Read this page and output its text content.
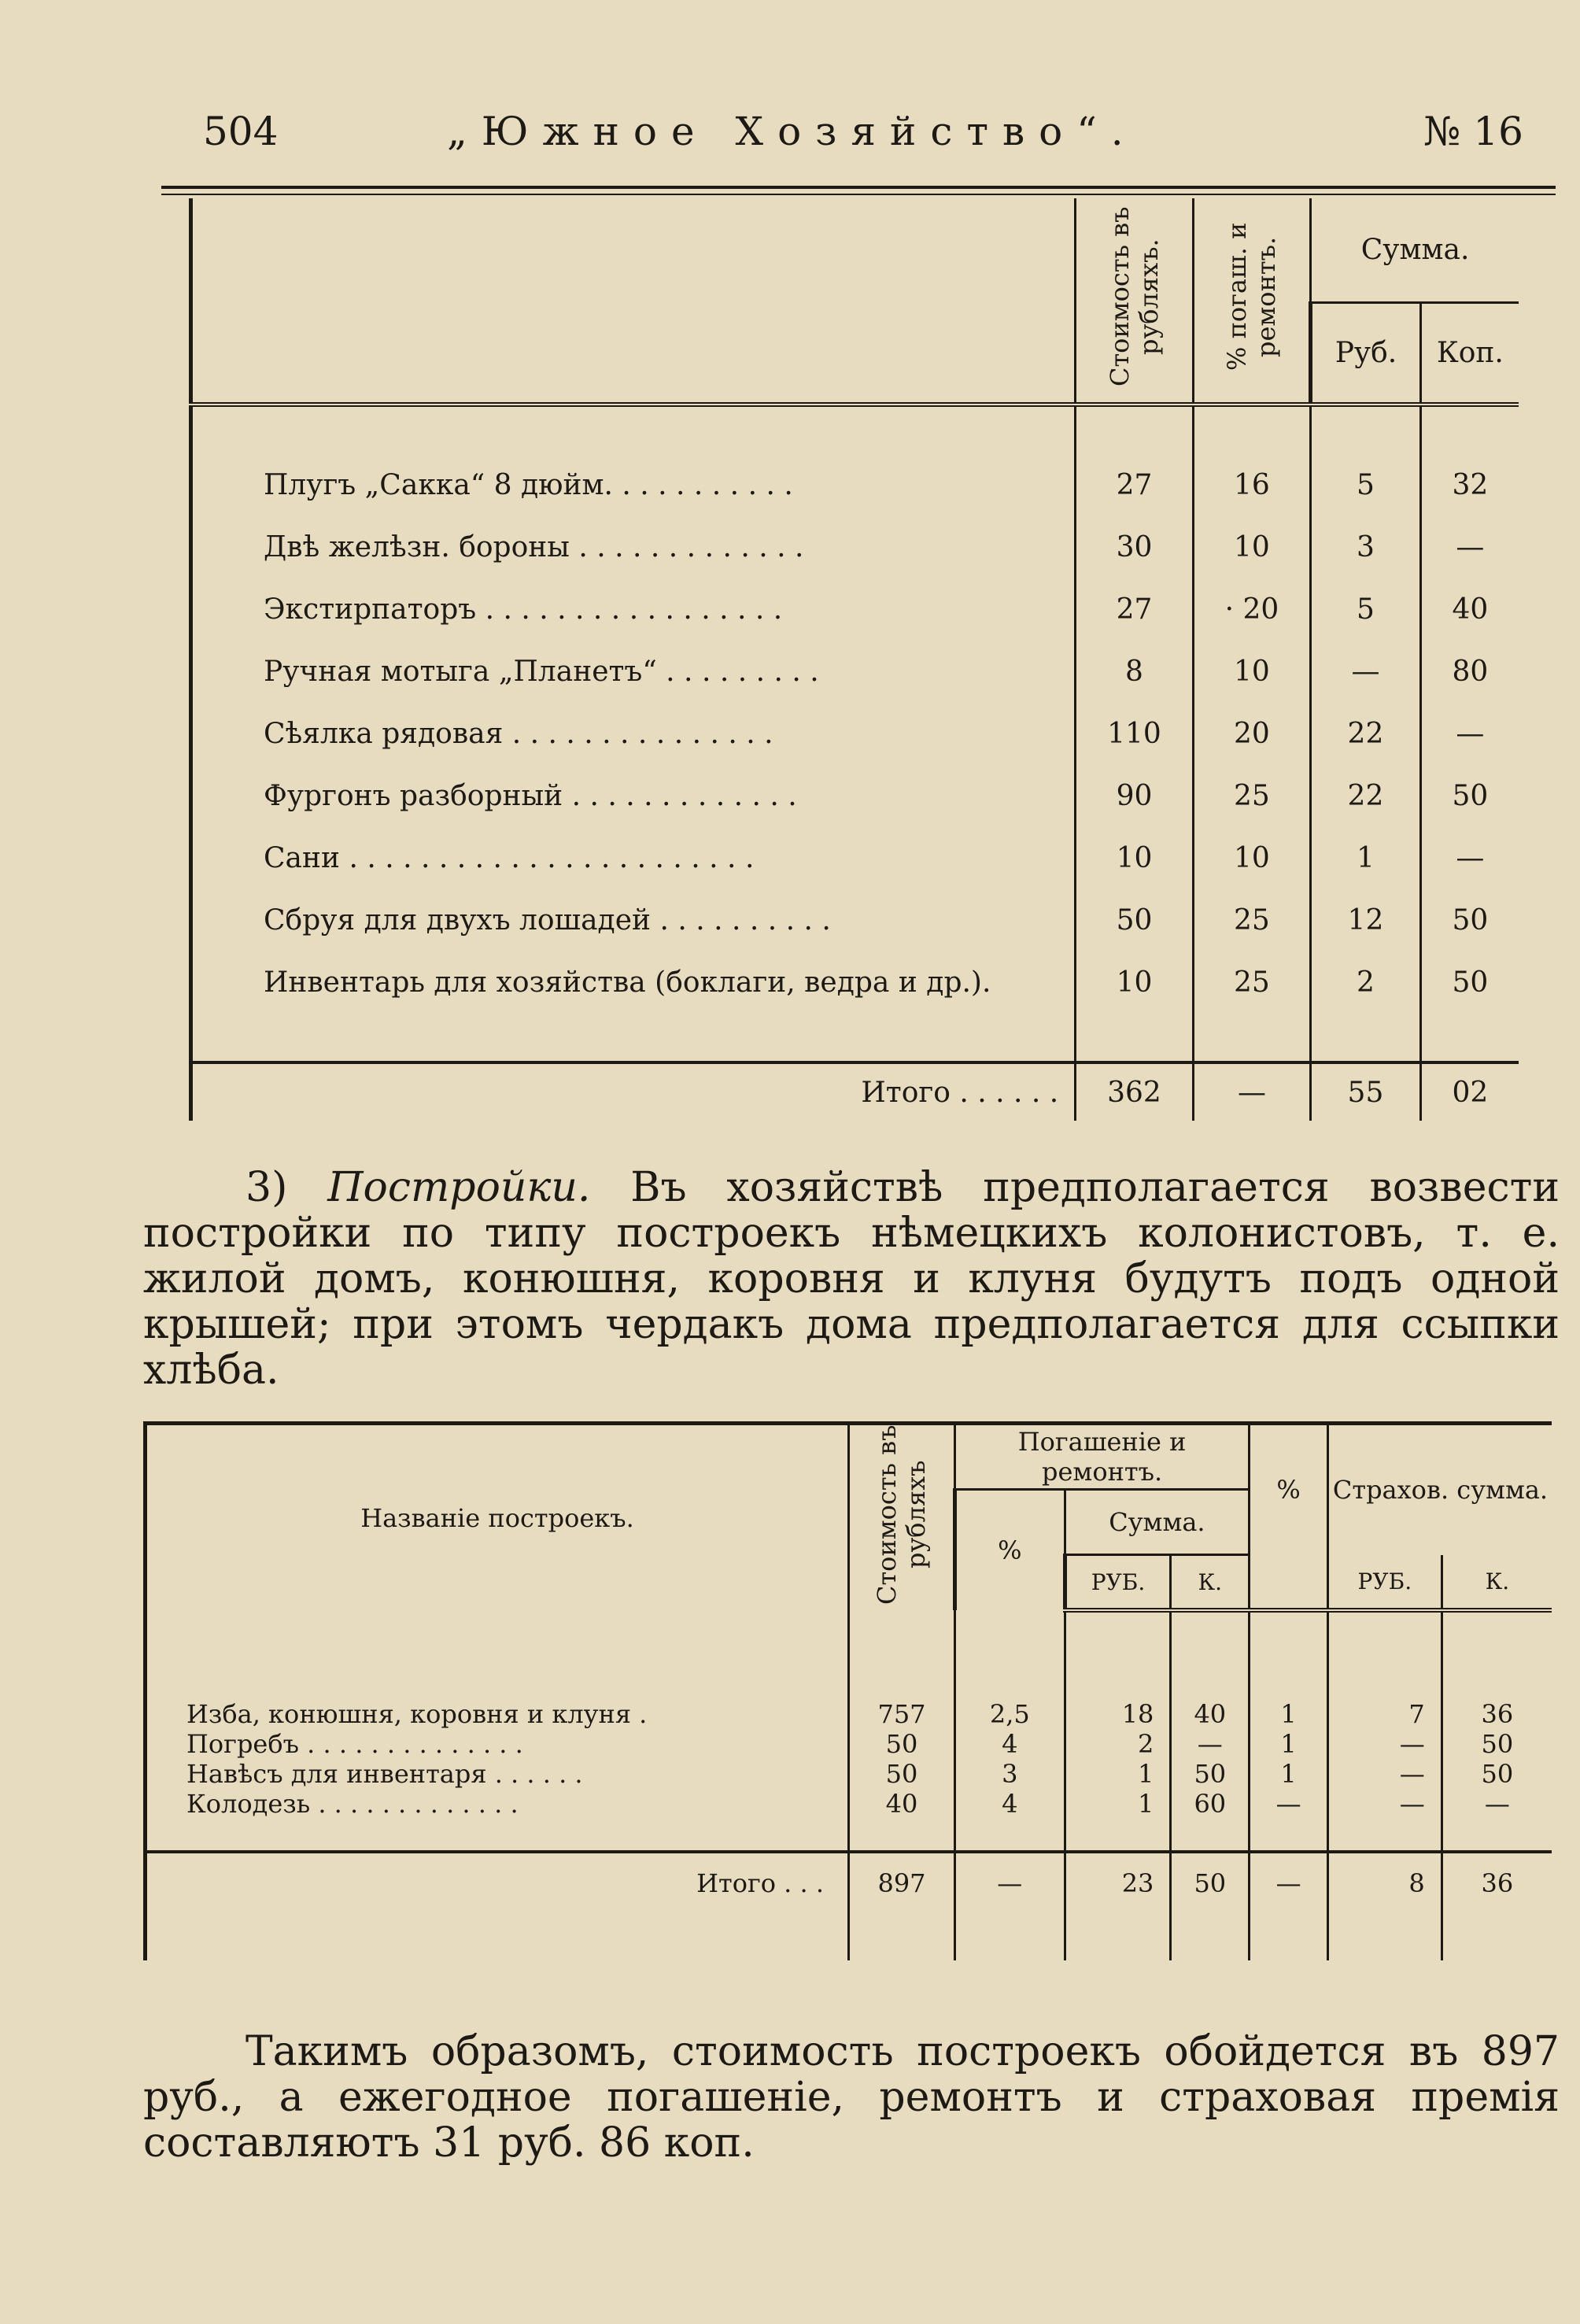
504	„Южное Хозяйство“.	№ 16
	Стоимость въ рубляхъ.	% погаш. и ремонтъ.	Сумма.	
			Руб.	Коп.

Плугъ „Сакка“ 8 дюйм. . . . . . . . . . .	27	16	5	32
Двѣ желѣзн. бороны . . . . . . . . . . . . .	30	10	3	—
Экстирпаторъ . . . . . . . . . . . . . . . . .	27	· 20	5	40
Ручная мотыга „Планетъ“ . . . . . . . . .	8	10	—	80
Сѣялка рядовая . . . . . . . . . . . . . . .	110	20	22	—
Фургонъ разборный . . . . . . . . . . . . .	90	25	22	50
Сани . . . . . . . . . . . . . . . . . . . . . . .	10	10	1	—
Сбруя для двухъ лошадей . . . . . . . . . .	50	25	12	50
Инвентарь для хозяйства (боклаги, ведра и др.).	10	25	2	50

Итого . . . . . .	362	—	55	02
3) Постройки. Въ хозяйствѣ предполагается возвести постройки по типу построекъ нѣмецкихъ колонистовъ, т. е. жилой домъ, конюшня, коровня и клуня будутъ подъ одной крышей; при этомъ чердакъ дома предполагается для ссыпки хлѣба.
Названіе построекъ.	Стоимость въ рубляхъ	Погашеніе и ремонтъ.			%	Страхов. сумма.	
		%	Сумма.				
			РУБ.	К.		РУБ.	К.

Изба, конюшня, коровня и клуня .	757	2,5	18	40	1	7	36
Погребъ . . . . . . . . . . . . . .	50	4	2	—	1	—	50
Навѣсъ для инвентаря . . . . . .	50	3	1	50	1	—	50
Колодезь . . . . . . . . . . . . .	40	4	1	60	—	—	—

Итого . . .	897	—	23	50	—	8	36

Такимъ образомъ, стоимость построекъ обойдется въ 897 руб., а ежегодное погашеніе, ремонтъ и страховая премія составляютъ 31 руб. 86 коп.
